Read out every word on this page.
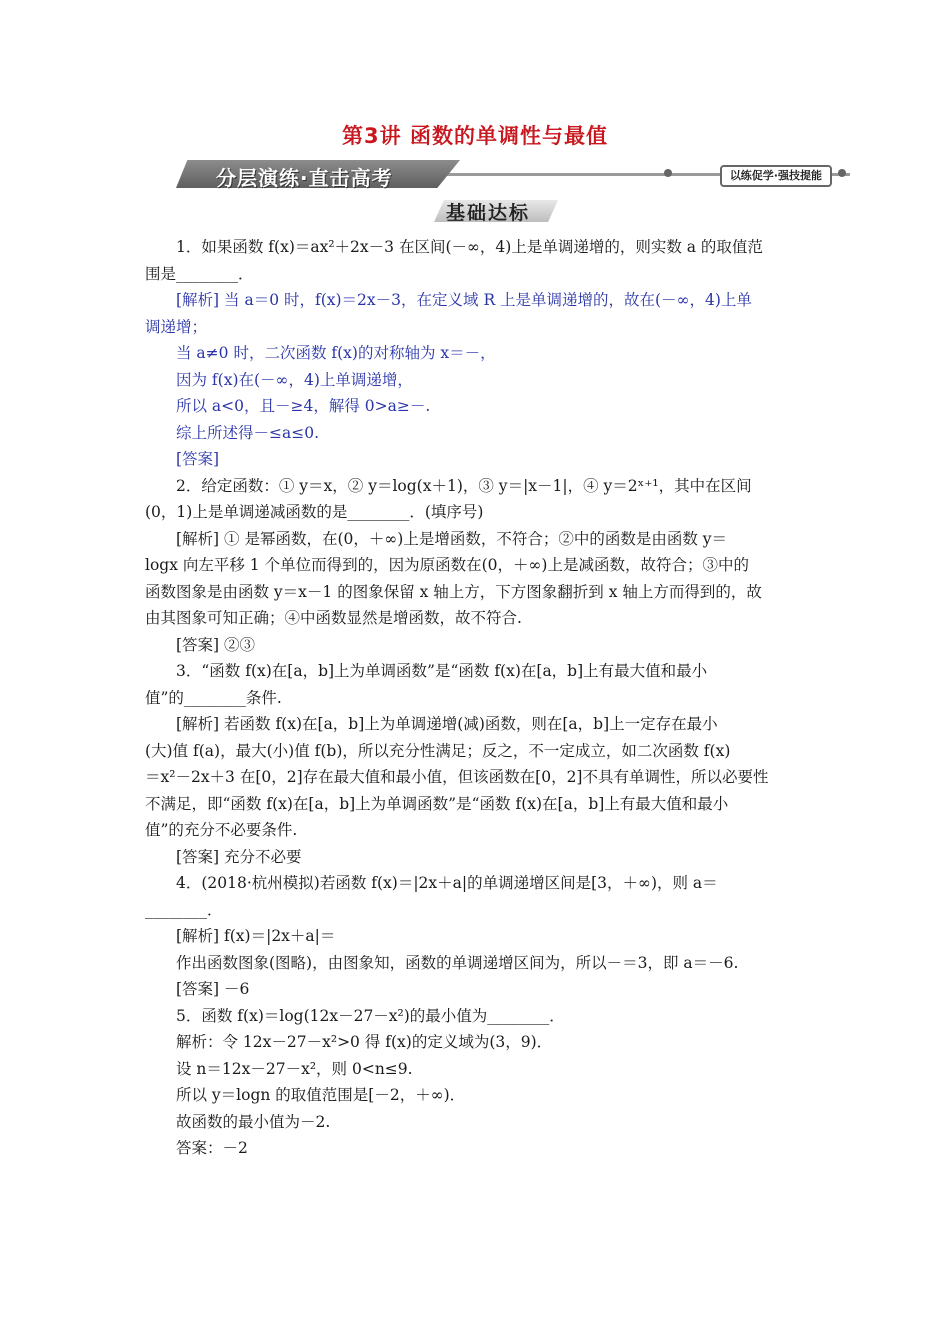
第3讲 函数的单调性与最值
分层演练·直击高考	以练促学·强技提能
基础达标
1．如果函数 f(x)＝ax²＋2x－3 在区间(－∞，4)上是单调递增的，则实数 a 的取值范
围是________．
[解析] 当 a＝0 时，f(x)＝2x－3，在定义域 R 上是单调递增的，故在(－∞，4)上单
调递增；
当 a≠0 时，二次函数 f(x)的对称轴为 x＝－，
因为 f(x)在(－∞，4)上单调递增，
所以 a<0，且－≥4，解得 0>a≥－.
综上所述得－≤a≤0.
[答案]
2．给定函数：① y＝x，② y＝log(x＋1)，③ y＝|x－1|，④ y＝2ˣ⁺¹，其中在区间
(0，1)上是单调递减函数的是________．(填序号)
[解析] ① 是幂函数，在(0，＋∞)上是增函数，不符合；②中的函数是由函数 y＝
logx 向左平移 1 个单位而得到的，因为原函数在(0，＋∞)上是减函数，故符合；③中的
函数图象是由函数 y＝x－1 的图象保留 x 轴上方，下方图象翻折到 x 轴上方而得到的，故
由其图象可知正确；④中函数显然是增函数，故不符合.
[答案] ②③
3．“函数 f(x)在[a，b]上为单调函数”是“函数 f(x)在[a，b]上有最大值和最小
值”的________条件.
[解析] 若函数 f(x)在[a，b]上为单调递增(减)函数，则在[a，b]上一定存在最小
(大)值 f(a)，最大(小)值 f(b)，所以充分性满足；反之，不一定成立，如二次函数 f(x)
＝x²－2x＋3 在[0，2]存在最大值和最小值，但该函数在[0，2]不具有单调性，所以必要性
不满足，即“函数 f(x)在[a，b]上为单调函数”是“函数 f(x)在[a，b]上有最大值和最小
值”的充分不必要条件.
[答案] 充分不必要
4．(2018·杭州模拟)若函数 f(x)＝|2x＋a|的单调递增区间是[3，＋∞)，则 a＝
________．
[解析] f(x)＝|2x＋a|＝
作出函数图象(图略)，由图象知，函数的单调递增区间为，所以－＝3，即 a＝－6.
[答案] －6
5．函数 f(x)＝log(12x－27－x²)的最小值为________．
解析：令 12x－27－x²>0 得 f(x)的定义域为(3，9)．
设 n＝12x－27－x²，则 0<n≤9.
所以 y＝logn 的取值范围是[－2，＋∞)．
故函数的最小值为－2.
答案：－2
